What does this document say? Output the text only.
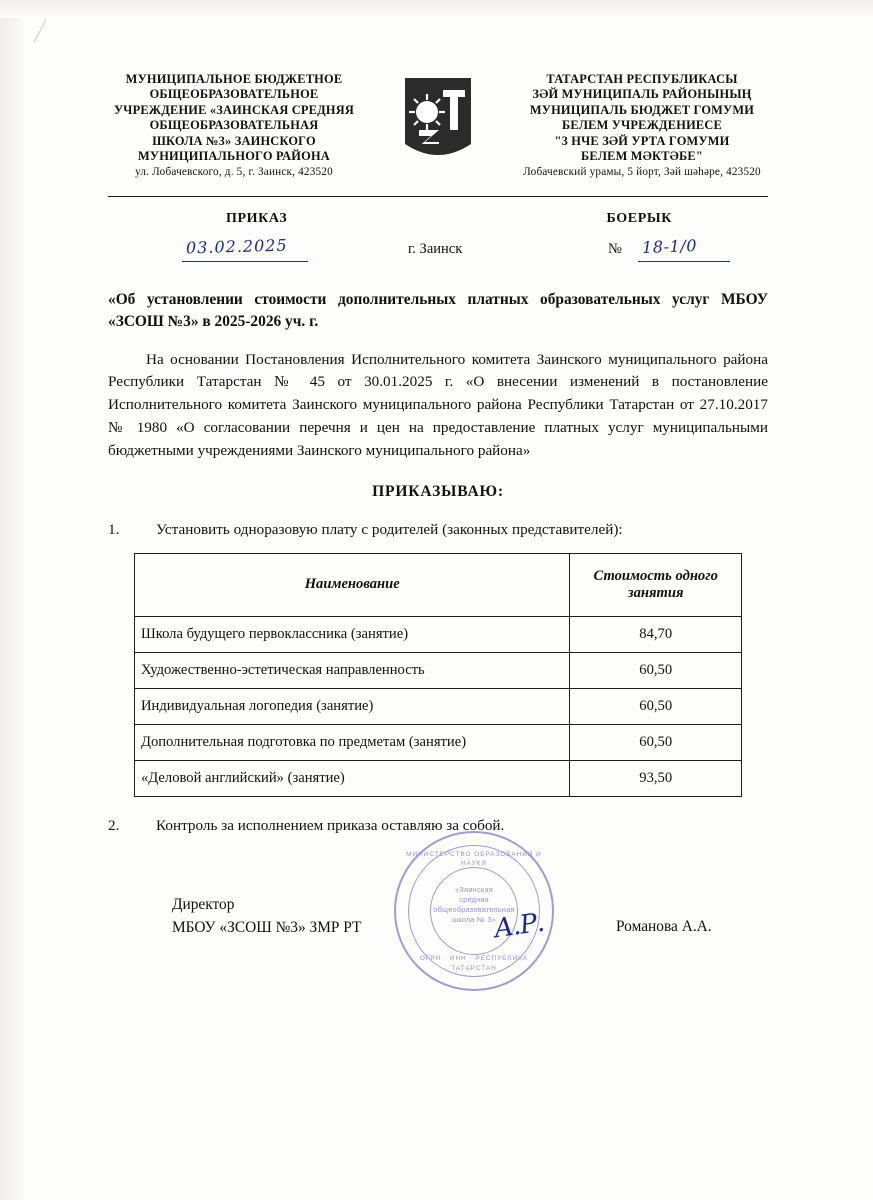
МУНИЦИПАЛЬНОЕ БЮДЖЕТНОЕ
ОБЩЕОБРАЗОВАТЕЛЬНОЕ
УЧРЕЖДЕНИЕ «ЗАИНСКАЯ СРЕДНЯЯ
ОБЩЕОБРАЗОВАТЕЛЬНАЯ
ШКОЛА №3» ЗАИНСКОГО
МУНИЦИПАЛЬНОГО РАЙОНА
ул. Лобачевского, д. 5, г. Заинск, 423520
ТАТАРСТАН РЕСПУБЛИКАСЫ
ЗӘЙ МУНИЦИПАЛЬ РАЙОНЫНЫҢ
МУНИЦИПАЛЬ БЮДЖЕТ ГОМУМИ
БЕЛЕМ УЧРЕЖДЕНИЕСЕ
"3 НЧЕ ЗӘЙ УРТА ГОМУМИ
БЕЛЕМ МӘКТӘБЕ"
Лобачевский урамы, 5 йорт, Зәй шәһәре, 423520
ПРИКАЗ	БОЕРЫК
03.02.2025	г. Заинск	№ 18-1/0
«Об установлении стоимости дополнительных платных образовательных услуг МБОУ «ЗСОШ №3» в 2025-2026 уч. г.
На основании Постановления Исполнительного комитета Заинского муниципального района Республики Татарстан № 45 от 30.01.2025 г. «О внесении изменений в постановление Исполнительного комитета Заинского муниципального района Республики Татарстан от 27.10.2017 № 1980 «О согласовании перечня и цен на предоставление платных услуг муниципальными бюджетными учреждениями Заинского муниципального района»
ПРИКАЗЫВАЮ:
1.	Установить одноразовую плату с родителей (законных представителей):
Наименование	Стоимость одного занятия
Школа будущего первоклассника (занятие)	84,70
Художественно-эстетическая направленность	60,50
Индивидуальная логопедия (занятие)	60,50
Дополнительная подготовка по предметам (занятие)	60,50
«Деловой английский» (занятие)	93,50
2.	Контроль за исполнением приказа оставляю за собой.
МИНИСТЕРСТВО ОБРАЗОВАНИЯ И НАУКИ
«Заинская
средняя
общеобразовательная
школа № 3»
ОГРН · ИНН · РЕСПУБЛИКА ТАТАРСТАН
Директор
МБОУ «ЗСОШ №3» ЗМР РТ	А.Р.	Романова А.А.
